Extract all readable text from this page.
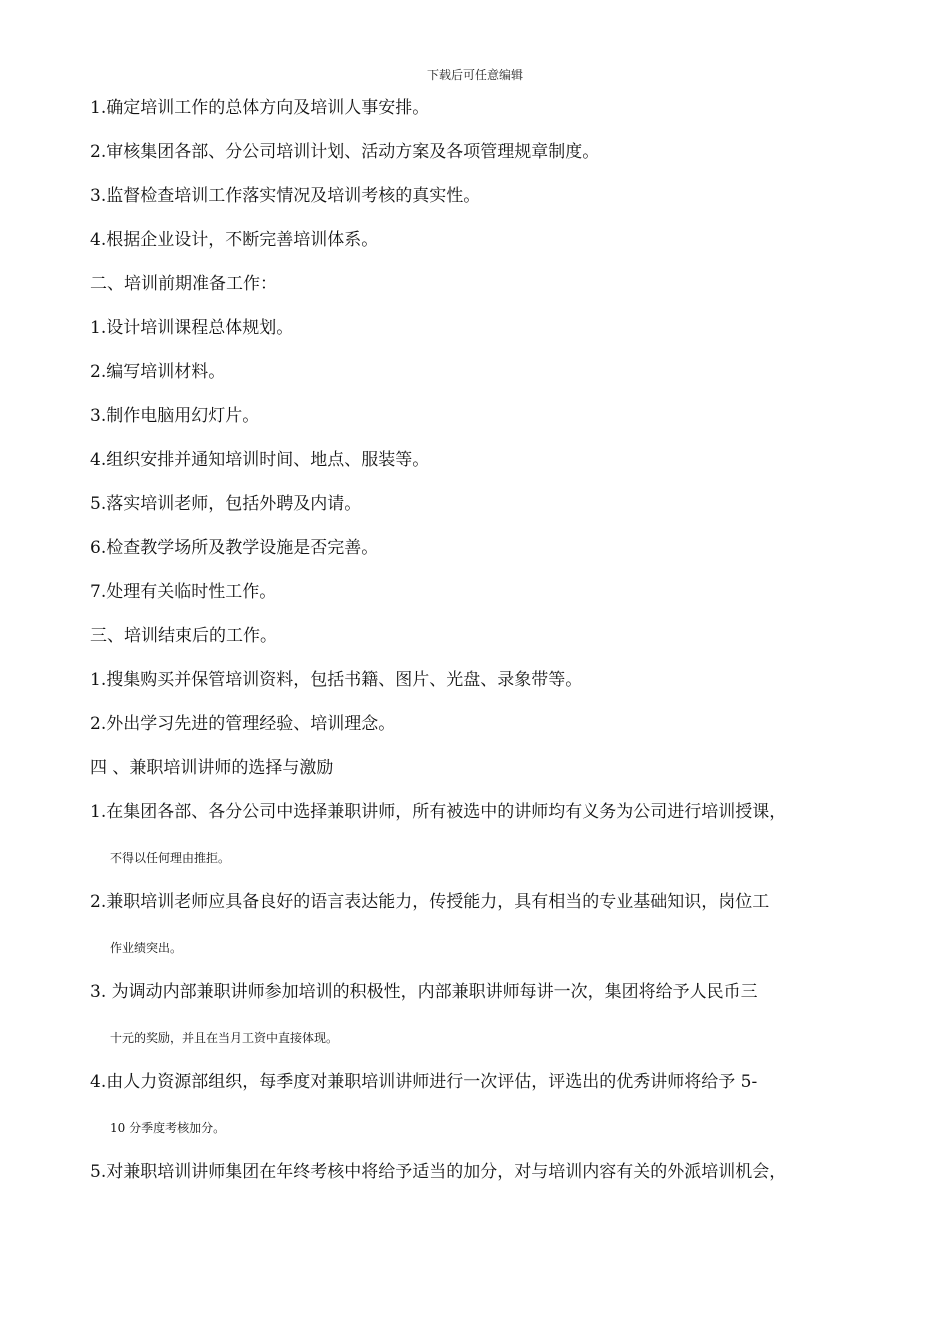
下载后可任意编辑
1.确定培训工作的总体方向及培训人事安排。
2.审核集团各部、分公司培训计划、活动方案及各项管理规章制度。
3.监督检查培训工作落实情况及培训考核的真实性。
4.根据企业设计，不断完善培训体系。
二、培训前期准备工作：
1.设计培训课程总体规划。
2.编写培训材料。
3.制作电脑用幻灯片。
4.组织安排并通知培训时间、地点、服装等。
5.落实培训老师，包括外聘及内请。
6.检查教学场所及教学设施是否完善。
7.处理有关临时性工作。
三、培训结束后的工作。
1.搜集购买并保管培训资料，包括书籍、图片、光盘、录象带等。
2.外出学习先进的管理经验、培训理念。
四 、兼职培训讲师的选择与激励
1.在集团各部、各分公司中选择兼职讲师，所有被选中的讲师均有义务为公司进行培训授课，
不得以任何理由推拒。
2.兼职培训老师应具备良好的语言表达能力，传授能力，具有相当的专业基础知识，岗位工
作业绩突出。
3. 为调动内部兼职讲师参加培训的积极性，内部兼职讲师每讲一次，集团将给予人民币三
十元的奖励，并且在当月工资中直接体现。
4.由人力资源部组织，每季度对兼职培训讲师进行一次评估，评选出的优秀讲师将给予 5-
10 分季度考核加分。
5.对兼职培训讲师集团在年终考核中将给予适当的加分，对与培训内容有关的外派培训机会，
